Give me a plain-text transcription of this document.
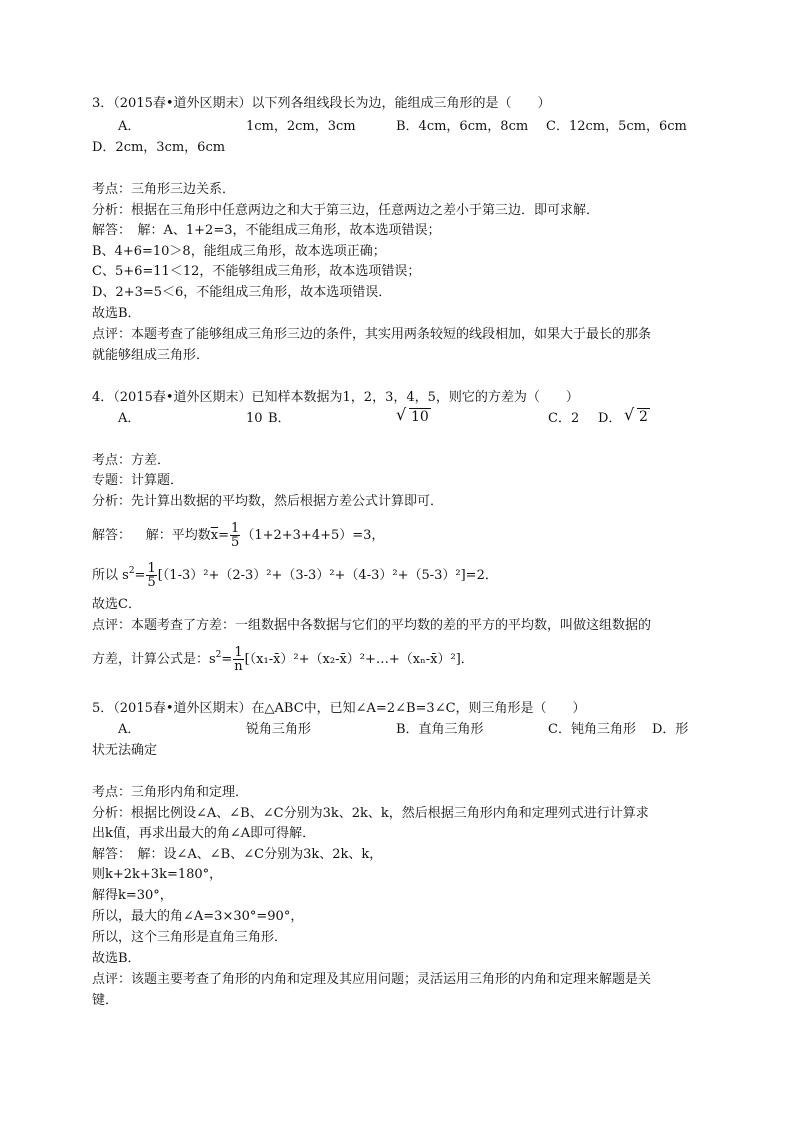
3．（2015春•道外区期末）以下列各组线段长为边，能组成三角形的是（　　）
A．	1cm，2cm，3cm	B．4cm，6cm，8cm C．12cm，5cm，6cm
D．2cm，3cm，6cm
考点：三角形三边关系．
分析：根据在三角形中任意两边之和大于第三边，任意两边之差小于第三边．即可求解．
解答：　解：A、1+2=3，不能组成三角形，故本选项错误；
B、4+6=10＞8，能组成三角形，故本选项正确；
C、5+6=11＜12，不能够组成三角形，故本选项错误；
D、2+3=5＜6，不能组成三角形，故本选项错误．
故选B．
点评：本题考查了能够组成三角形三边的条件，其实用两条较短的线段相加，如果大于最长的那条
就能够组成三角形．
4．（2015春•道外区期末）已知样本数据为1，2，3，4，5，则它的方差为（　　）
A．	10 B．	√ 10	C．2 D． √ 2
考点：方差．
专题：计算题．
分析：先计算出数据的平均数，然后根据方差公式计算即可．
解答：　 解：平均数$\overline{x}= \frac{1}{5} (1+2+3+4+5)=3$，
所以 $s^2= \frac{1}{5} [(1-3)^2+(2-3)^2+(3-3)^2+(4-3)^2+(5-3)^2]=2$．
故选C．
点评：本题考查了方差：一组数据中各数据与它们的平均数的差的平方的平均数，叫做这组数据的
方差，计算公式是：$s^2= \frac{1}{n}$ [（x₁-x̄）²+（x₂-x̄）²+…+（xₙ-x̄）²]．
5．（2015春•道外区期末）在△ABC中，已知∠A=2∠B=3∠C，则三角形是（　　）
A．	锐角三角形	B．直角三角形	C．钝角三角形 D．形
状无法确定
考点：三角形内角和定理．
分析：根据比例设∠A、∠B、∠C分别为3k、2k、k，然后根据三角形内角和定理列式进行计算求
出k值，再求出最大的角∠A即可得解．
解答：　解：设∠A、∠B、∠C分别为3k、2k、k，
则k+2k+3k=180°，
解得k=30°，
所以，最大的角∠A=3×30°=90°，
所以，这个三角形是直角三角形．
故选B．
点评：该题主要考查了角形的内角和定理及其应用问题；灵活运用三角形的内角和定理来解题是关
键．
